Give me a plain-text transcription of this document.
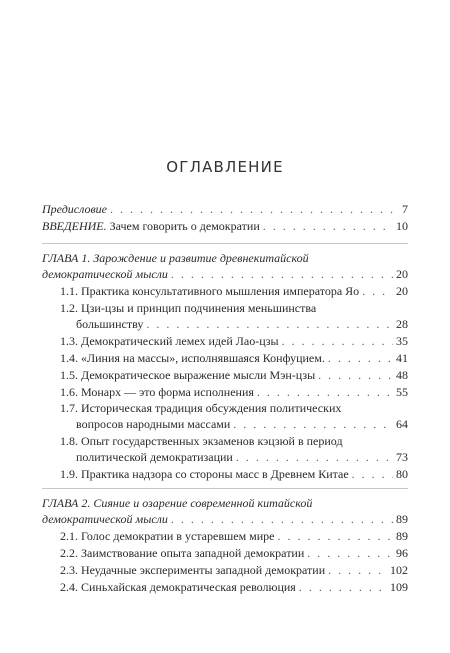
ОГЛАВЛЕНИЕ
Предисловие . . .	7
ВВЕДЕНИЕ. Зачем говорить о демократии . . .	10
ГЛАВА 1. Зарождение и развитие древнекитайской
демократической мысли . . .	20
1.1. Практика консультативного мышления императора Яо . . .	20
1.2. Цзи-цзы и принцип подчинения меньшинства
большинству . . .	28
1.3. Демократический лемех идей Лао-цзы . . .	35
1.4. «Линия на массы», исполнявшаяся Конфуцием. . . .	41
1.5. Демократическое выражение мысли Мэн-цзы . . .	48
1.6. Монарх — это форма исполнения . . .	55
1.7. Историческая традиция обсуждения политических
вопросов народными массами . . .	64
1.8. Опыт государственных экзаменов кэцзюй в период
политической демократизации . . .	73
1.9. Практика надзора со стороны масс в Древнем Китае . . .	80
ГЛАВА 2. Сияние и озарение современной китайской
демократической мысли . . .	89
2.1. Голос демократии в устаревшем мире . . .	89
2.2. Заимствование опыта западной демократии . . .	96
2.3. Неудачные эксперименты западной демократии . . .	102
2.4. Синьхайская демократическая революция . . .	109
